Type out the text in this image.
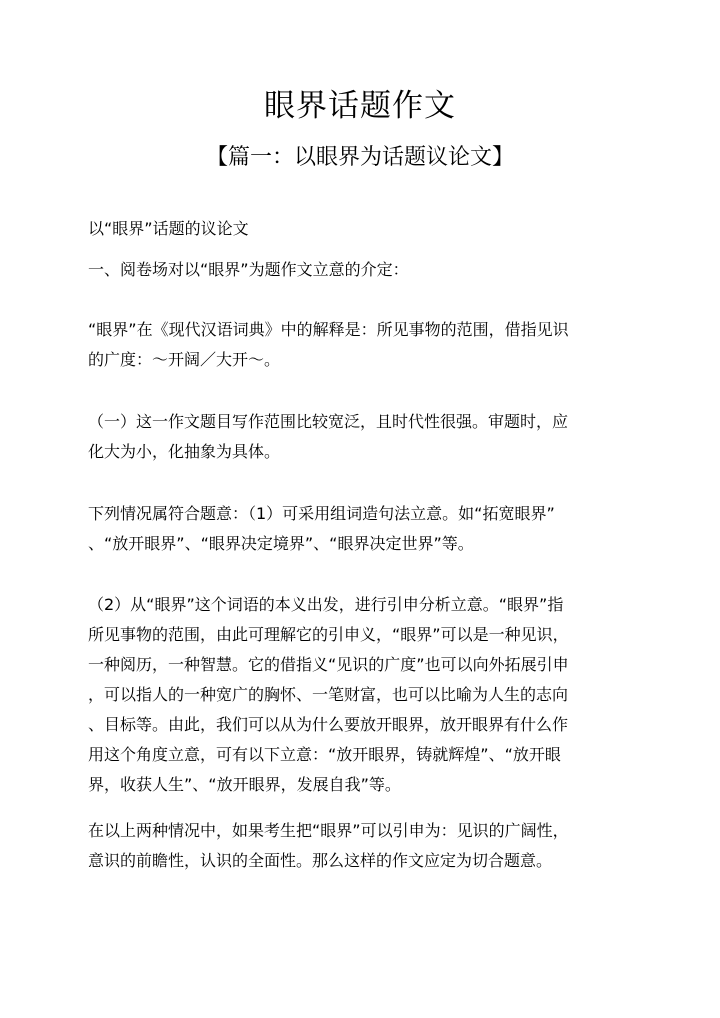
眼界话题作文
【篇一：以眼界为话题议论文】
以“眼界”话题的议论文
一、阅卷场对以“眼界”为题作文立意的介定：
“眼界”在《现代汉语词典》中的解释是：所见事物的范围，借指见识
的广度：～开阔／大开～。
（一）这一作文题目写作范围比较宽泛，且时代性很强。审题时，应
化大为小，化抽象为具体。
下列情况属符合题意：（1）可采用组词造句法立意。如“拓宽眼界”
、“放开眼界”、“眼界决定境界”、“眼界决定世界”等。
（2）从“眼界”这个词语的本义出发，进行引申分析立意。“眼界”指
所见事物的范围，由此可理解它的引申义，“眼界”可以是一种见识，
一种阅历，一种智慧。它的借指义“见识的广度”也可以向外拓展引申
，可以指人的一种宽广的胸怀、一笔财富，也可以比喻为人生的志向
、目标等。由此，我们可以从为什么要放开眼界，放开眼界有什么作
用这个角度立意，可有以下立意：“放开眼界，铸就辉煌”、“放开眼
界，收获人生”、“放开眼界，发展自我”等。
在以上两种情况中，如果考生把“眼界”可以引申为：见识的广阔性，
意识的前瞻性，认识的全面性。那么这样的作文应定为切合题意。
